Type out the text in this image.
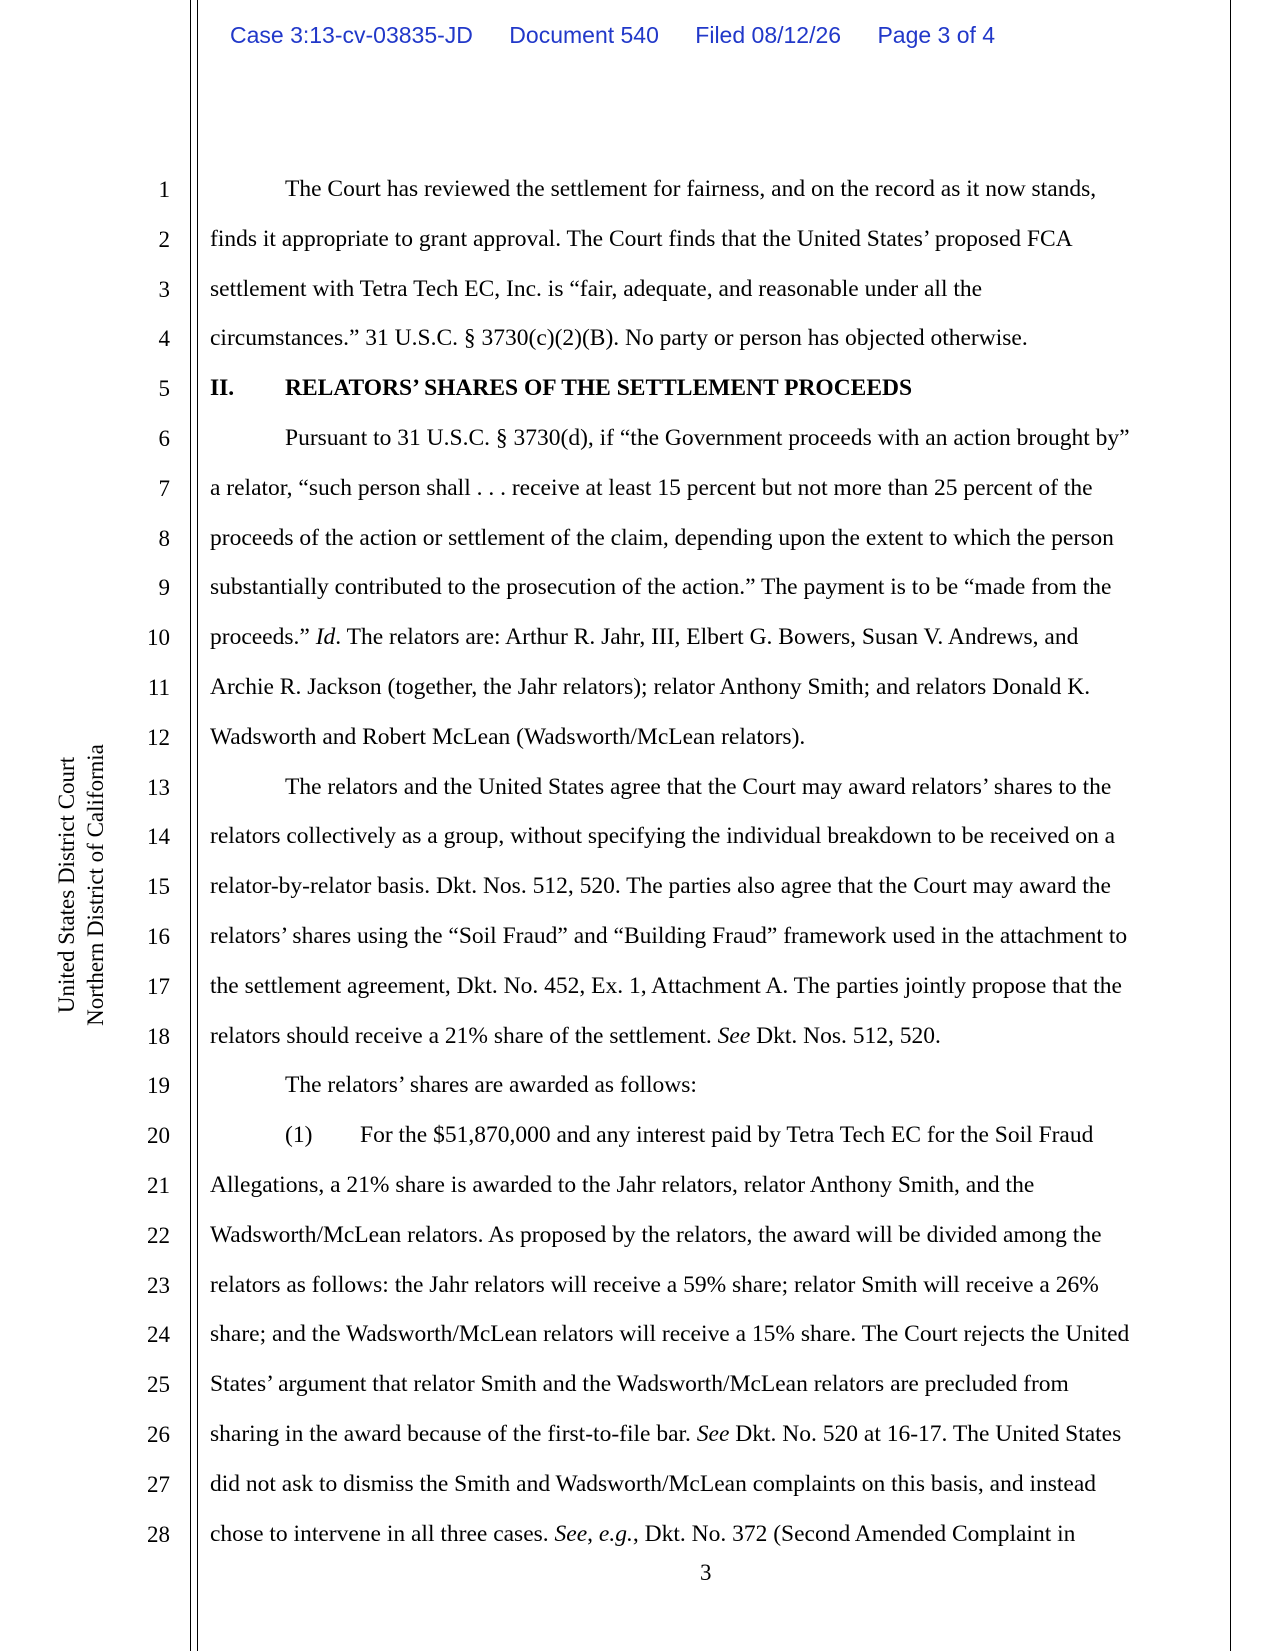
Case 3:13-cv-03835-JD Document 540 Filed 08/12/26 Page 3 of 4
United States District Court Northern District of California
1
2
3
4
5
6
7
8
9
10
11
12
13
14
15
16
17
18
19
20
21
22
23
24
25
26
27
28
The Court has reviewed the settlement for fairness, and on the record as it now stands,
finds it appropriate to grant approval. The Court finds that the United States’ proposed FCA
settlement with Tetra Tech EC, Inc. is “fair, adequate, and reasonable under all the
circumstances.” 31 U.S.C. § 3730(c)(2)(B). No party or person has objected otherwise.
II. RELATORS’ SHARES OF THE SETTLEMENT PROCEEDS
Pursuant to 31 U.S.C. § 3730(d), if “the Government proceeds with an action brought by”
a relator, “such person shall . . . receive at least 15 percent but not more than 25 percent of the
proceeds of the action or settlement of the claim, depending upon the extent to which the person
substantially contributed to the prosecution of the action.” The payment is to be “made from the
proceeds.” Id. The relators are: Arthur R. Jahr, III, Elbert G. Bowers, Susan V. Andrews, and
Archie R. Jackson (together, the Jahr relators); relator Anthony Smith; and relators Donald K.
Wadsworth and Robert McLean (Wadsworth/McLean relators).
The relators and the United States agree that the Court may award relators’ shares to the
relators collectively as a group, without specifying the individual breakdown to be received on a
relator-by-relator basis. Dkt. Nos. 512, 520. The parties also agree that the Court may award the
relators’ shares using the “Soil Fraud” and “Building Fraud” framework used in the attachment to
the settlement agreement, Dkt. No. 452, Ex. 1, Attachment A. The parties jointly propose that the
relators should receive a 21% share of the settlement. See Dkt. Nos. 512, 520.
The relators’ shares are awarded as follows:
(1) For the $51,870,000 and any interest paid by Tetra Tech EC for the Soil Fraud
Allegations, a 21% share is awarded to the Jahr relators, relator Anthony Smith, and the
Wadsworth/McLean relators. As proposed by the relators, the award will be divided among the
relators as follows: the Jahr relators will receive a 59% share; relator Smith will receive a 26%
share; and the Wadsworth/McLean relators will receive a 15% share. The Court rejects the United
States’ argument that relator Smith and the Wadsworth/McLean relators are precluded from
sharing in the award because of the first-to-file bar. See Dkt. No. 520 at 16-17. The United States
did not ask to dismiss the Smith and Wadsworth/McLean complaints on this basis, and instead
chose to intervene in all three cases. See, e.g., Dkt. No. 372 (Second Amended Complaint in
3
